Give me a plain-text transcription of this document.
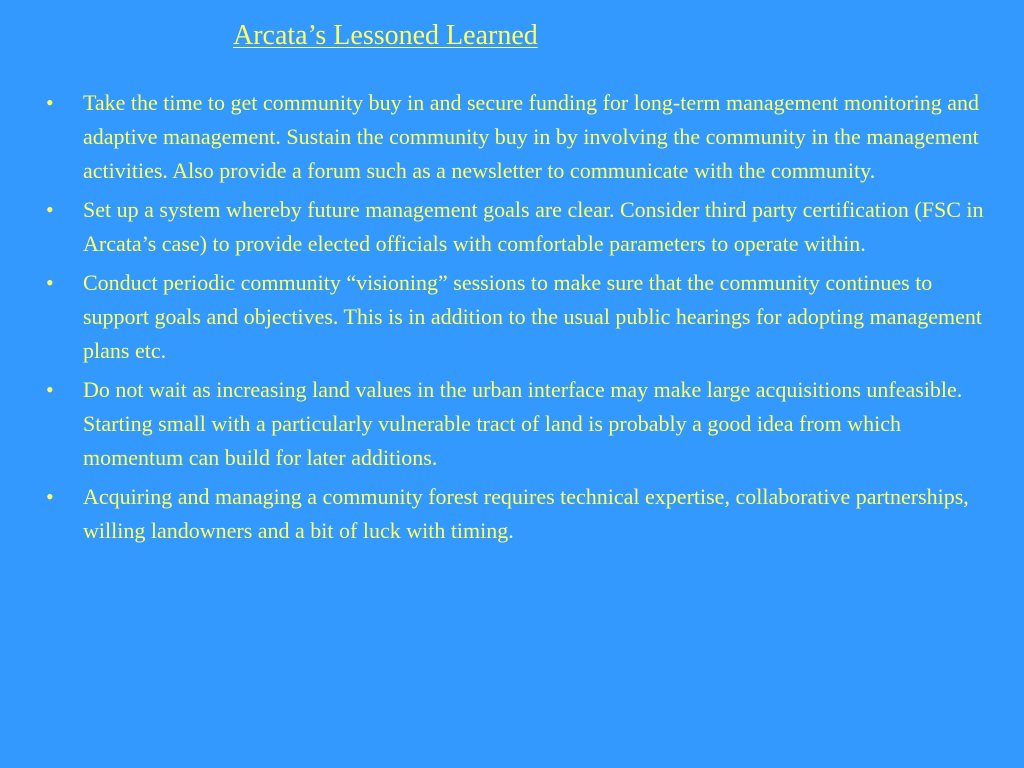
Arcata’s Lessoned Learned
•	Take the time to get community buy in and secure funding for long-term management monitoring and adaptive management. Sustain the community buy in by involving the community in the management activities. Also provide a forum such as a newsletter to communicate with the community.
•	Set up a system whereby future management goals are clear. Consider third party certification (FSC in Arcata’s case) to provide elected officials with comfortable parameters to operate within.
•	Conduct periodic community “visioning” sessions to make sure that the community continues to support goals and objectives. This is in addition to the usual public hearings for adopting management plans etc.
•	Do not wait as increasing land values in the urban interface may make large acquisitions unfeasible. Starting small with a particularly vulnerable tract of land is probably a good idea from which momentum can build for later additions.
•	Acquiring and managing a community forest requires technical expertise, collaborative partnerships, willing landowners and a bit of luck with timing.
